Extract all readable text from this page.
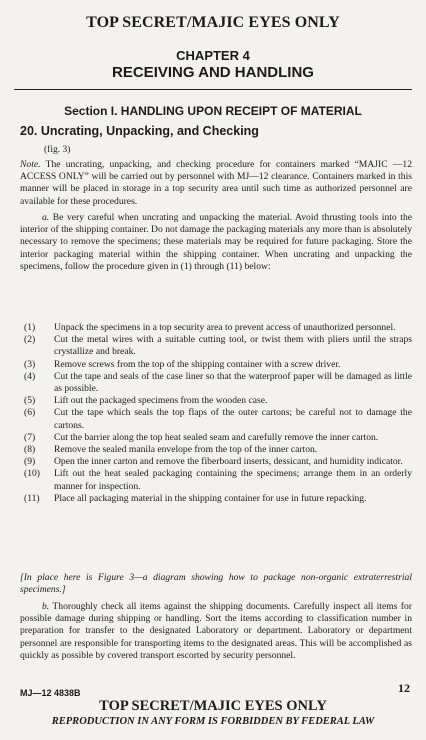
TOP SECRET/MAJIC EYES ONLY
CHAPTER 4
RECEIVING AND HANDLING
Section I. HANDLING UPON RECEIPT OF MATERIAL
20. Uncrating, Unpacking, and Checking
(fig. 3)
Note. The uncrating, unpacking, and checking procedure for containers marked “MAJIC —12 ACCESS ONLY” will be carried out by personnel with MJ—12 clearance. Containers marked in this manner will be placed in storage in a top security area until such time as authorized personnel are available for these procedures.
a. Be very careful when uncrating and unpacking the material. Avoid thrusting tools into the interior of the shipping container. Do not damage the packaging materials any more than is absolutely necessary to remove the specimens; these materials may be required for future packaging. Store the interior packaging material within the shipping container. When uncrating and unpacking the specimens, follow the procedure given in (1) through (11) below:
(1)	Unpack the specimens in a top security area to prevent access of unauthorized personnel.
(2)	Cut the metal wires with a suitable cutting tool, or twist them with pliers until the straps crystallize and break.
(3)	Remove screws from the top of the shipping container with a screw driver.
(4)	Cut the tape and seals of the case liner so that the waterproof paper will be damaged as little as possible.
(5)	Lift out the packaged specimens from the wooden case.
(6)	Cut the tape which seals the top flaps of the outer cartons; be careful not to damage the cartons.
(7)	Cut the barrier along the top heat sealed seam and carefully remove the inner carton.
(8)	Remove the sealed manila envelope from the top of the inner carton.
(9)	Open the inner carton and remove the fiberboard inserts, dessicant, and humidity indicator.
(10)	Lift out the heat sealed packaging containing the specimens; arrange them in an orderly manner for inspection.
(11)	Place all packaging material in the shipping container for use in future repacking.
[In place here is Figure 3—a diagram showing how to package non-organic extraterrestrial specimens.]
b. Thoroughly check all items against the shipping documents. Carefully inspect all items for possible damage during shipping or handling. Sort the items according to classification number in preparation for transfer to the designated Laboratory or department. Laboratory or department personnel are responsible for transporting items to the designated areas. This will be accomplished as quickly as possible by covered transport escorted by security personnel.
MJ—12 4838B	12
TOP SECRET/MAJIC EYES ONLY
REPRODUCTION IN ANY FORM IS FORBIDDEN BY FEDERAL LAW
